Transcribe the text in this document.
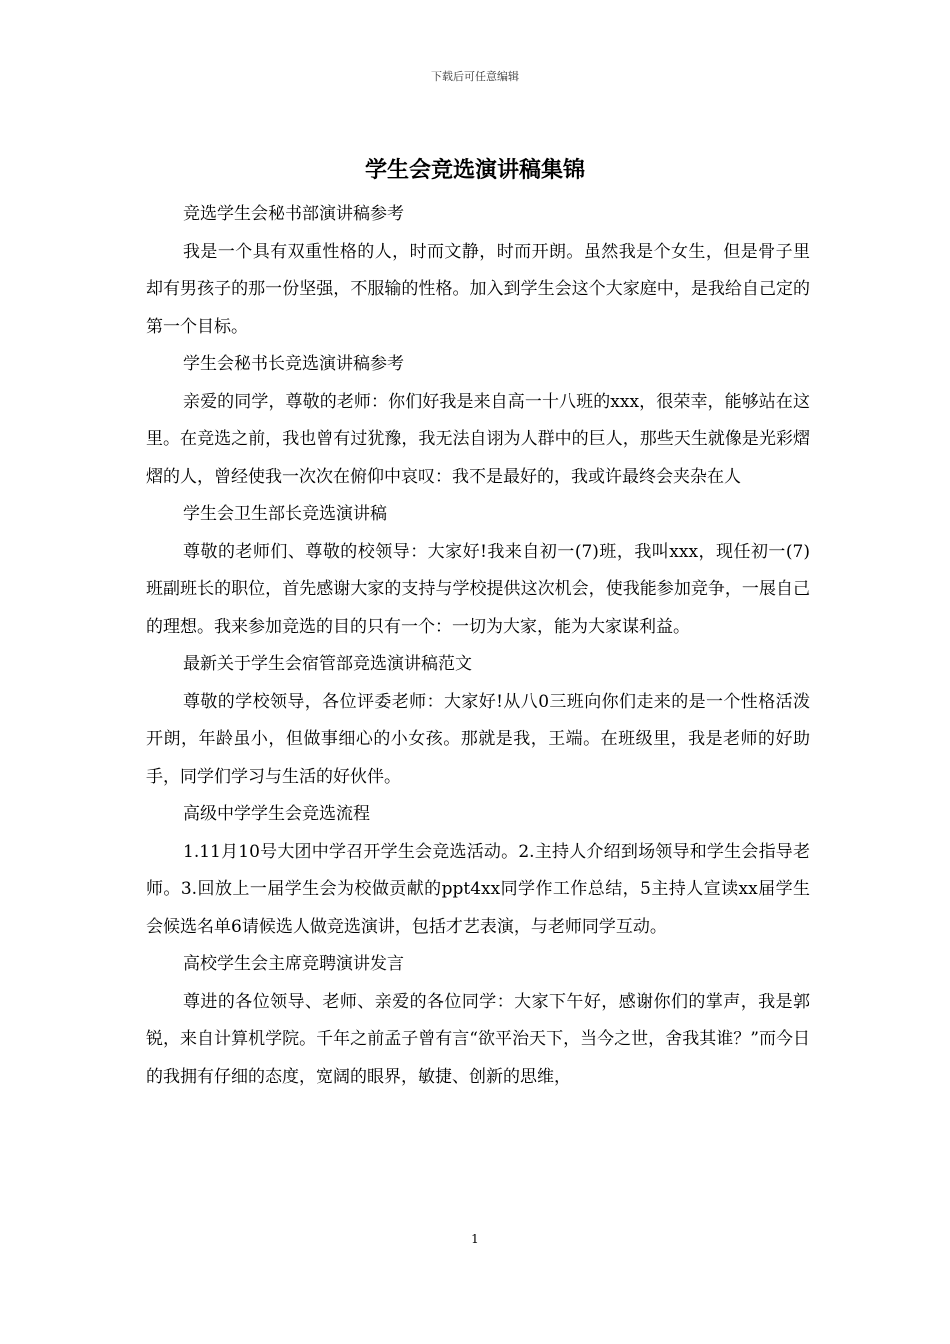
下载后可任意编辑
学生会竞选演讲稿集锦

竞选学生会秘书部演讲稿参考

我是一个具有双重性格的人，时而文静，时而开朗。虽然我是个女生，但是骨子里却有男孩子的那一份坚强，不服输的性格。加入到学生会这个大家庭中，是我给自己定的第一个目标。

学生会秘书长竞选演讲稿参考

亲爱的同学，尊敬的老师：你们好我是来自高一十八班的xxx，很荣幸，能够站在这里。在竞选之前，我也曾有过犹豫，我无法自诩为人群中的巨人，那些天生就像是光彩熠熠的人，曾经使我一次次在俯仰中哀叹：我不是最好的，我或许最终会夹杂在人

学生会卫生部长竞选演讲稿

尊敬的老师们、尊敬的校领导：大家好!我来自初一(7)班，我叫xxx，现任初一(7)班副班长的职位，首先感谢大家的支持与学校提供这次机会，使我能参加竞争，一展自己的理想。我来参加竞选的目的只有一个：一切为大家，能为大家谋利益。

最新关于学生会宿管部竞选演讲稿范文

尊敬的学校领导，各位评委老师：大家好!从八0三班向你们走来的是一个性格活泼开朗，年龄虽小，但做事细心的小女孩。那就是我，王端。在班级里，我是老师的好助手，同学们学习与生活的好伙伴。

高级中学学生会竞选流程

1.11月10号大团中学召开学生会竞选活动。2.主持人介绍到场领导和学生会指导老师。3.回放上一届学生会为校做贡献的ppt4xx同学作工作总结，5主持人宣读xx届学生会候选名单6请候选人做竞选演讲，包括才艺表演，与老师同学互动。

高校学生会主席竞聘演讲发言

尊进的各位领导、老师、亲爱的各位同学：大家下午好，感谢你们的掌声，我是郭锐，来自计算机学院。千年之前孟子曾有言“欲平治天下，当今之世，舍我其谁？”而今日的我拥有仔细的态度，宽阔的眼界，敏捷、创新的思维，

1
